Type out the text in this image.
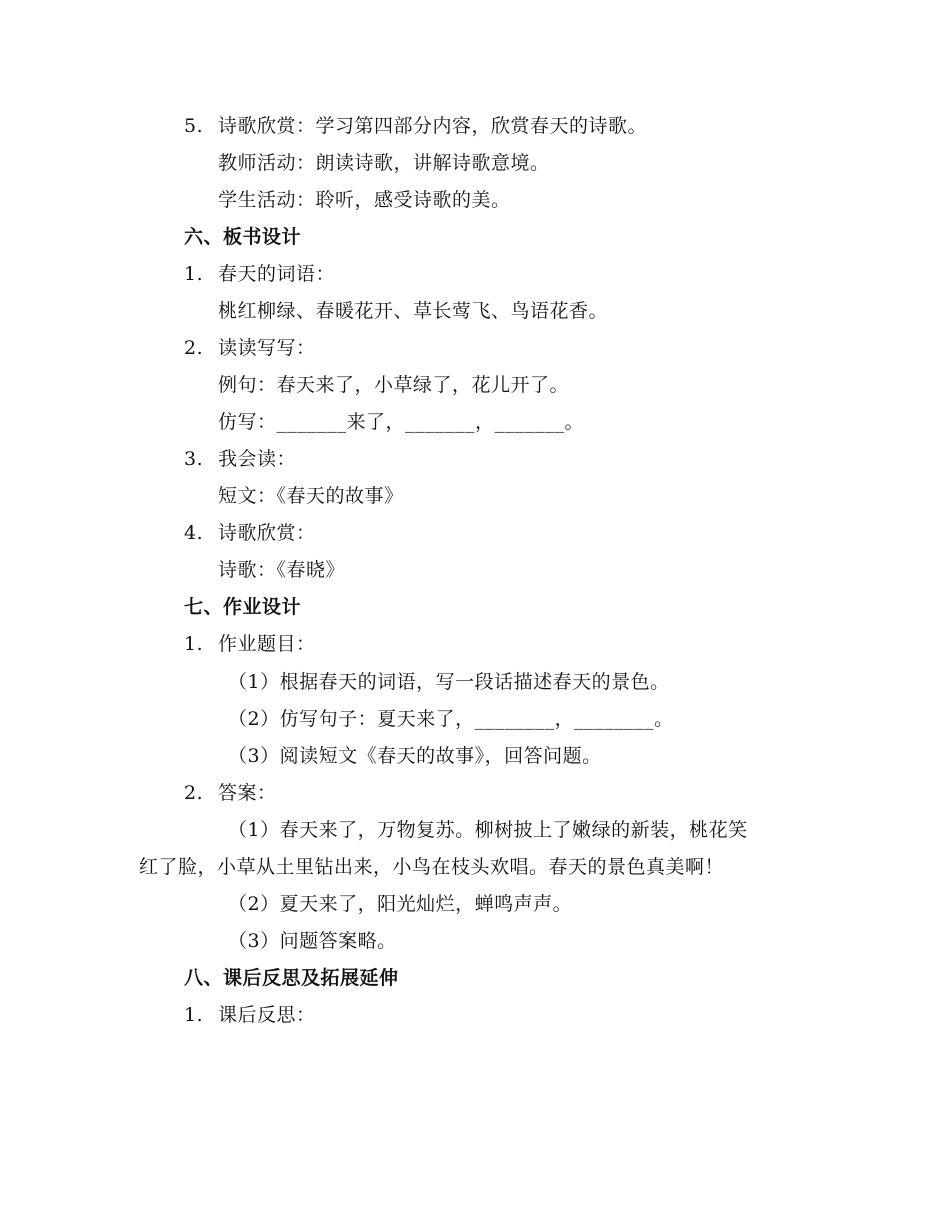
5. 诗歌欣赏：学习第四部分内容，欣赏春天的诗歌。
教师活动：朗读诗歌，讲解诗歌意境。
学生活动：聆听，感受诗歌的美。
六、板书设计
1. 春天的词语：
桃红柳绿、春暖花开、草长莺飞、鸟语花香。
2. 读读写写：
例句：春天来了，小草绿了，花儿开了。
仿写：_______来了，_______，_______。
3. 我会读：
短文：《春天的故事》
4. 诗歌欣赏：
诗歌：《春晓》
七、作业设计
1. 作业题目：
（1）根据春天的词语，写一段话描述春天的景色。
（2）仿写句子：夏天来了，________，________。
（3）阅读短文《春天的故事》，回答问题。
2. 答案：
（1）春天来了，万物复苏。柳树披上了嫩绿的新装，桃花笑
红了脸，小草从土里钻出来，小鸟在枝头欢唱。春天的景色真美啊！
（2）夏天来了，阳光灿烂，蝉鸣声声。
（3）问题答案略。
八、课后反思及拓展延伸
1. 课后反思：
